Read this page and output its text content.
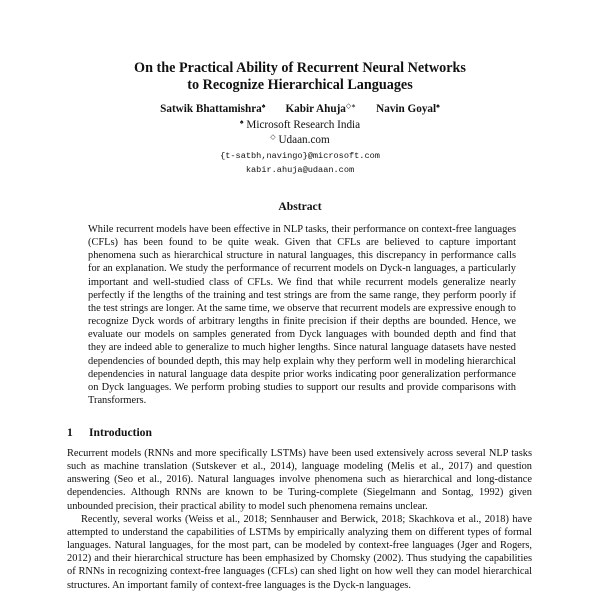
On the Practical Ability of Recurrent Neural Networks
to Recognize Hierarchical Languages
Satwik Bhattamishra♠ Kabir Ahuja◇∗ Navin Goyal♠
♠ Microsoft Research India
◇ Udaan.com
{t-satbh,navingo}@microsoft.com
kabir.ahuja@udaan.com
Abstract
While recurrent models have been effective in NLP tasks, their performance on context-free languages (CFLs) has been found to be quite weak. Given that CFLs are believed to capture important phenomena such as hierarchical structure in natural languages, this discrepancy in performance calls for an explanation. We study the performance of recurrent models on Dyck-n languages, a particularly important and well-studied class of CFLs. We find that while recurrent models generalize nearly perfectly if the lengths of the training and test strings are from the same range, they perform poorly if the test strings are longer. At the same time, we observe that recurrent models are expressive enough to recognize Dyck words of arbitrary lengths in finite precision if their depths are bounded. Hence, we evaluate our models on samples generated from Dyck languages with bounded depth and find that they are indeed able to generalize to much higher lengths. Since natural language datasets have nested dependencies of bounded depth, this may help explain why they perform well in modeling hierarchical dependencies in natural language data despite prior works indicating poor generalization performance on Dyck languages. We perform probing studies to support our results and provide comparisons with Transformers.
1 Introduction

Recurrent models (RNNs and more specifically LSTMs) have been used extensively across several NLP tasks such as machine translation (Sutskever et al., 2014), language modeling (Melis et al., 2017) and question answering (Seo et al., 2016). Natural languages involve phenomena such as hierarchical and long-distance dependencies. Although RNNs are known to be Turing-complete (Siegelmann and Sontag, 1992) given unbounded precision, their practical ability to model such phenomena remains unclear.

Recently, several works (Weiss et al., 2018; Sennhauser and Berwick, 2018; Skachkova et al., 2018) have attempted to understand the capabilities of LSTMs by empirically analyzing them on different types of formal languages. Natural languages, for the most part, can be modeled by context-free languages (Jger and Rogers, 2012) and their hierarchical structure has been emphasized by Chomsky (2002). Thus studying the capabilities of RNNs in recognizing context-free languages (CFLs) can shed light on how well they can model hierarchical structures. An important family of context-free languages is the Dyck-n languages.
